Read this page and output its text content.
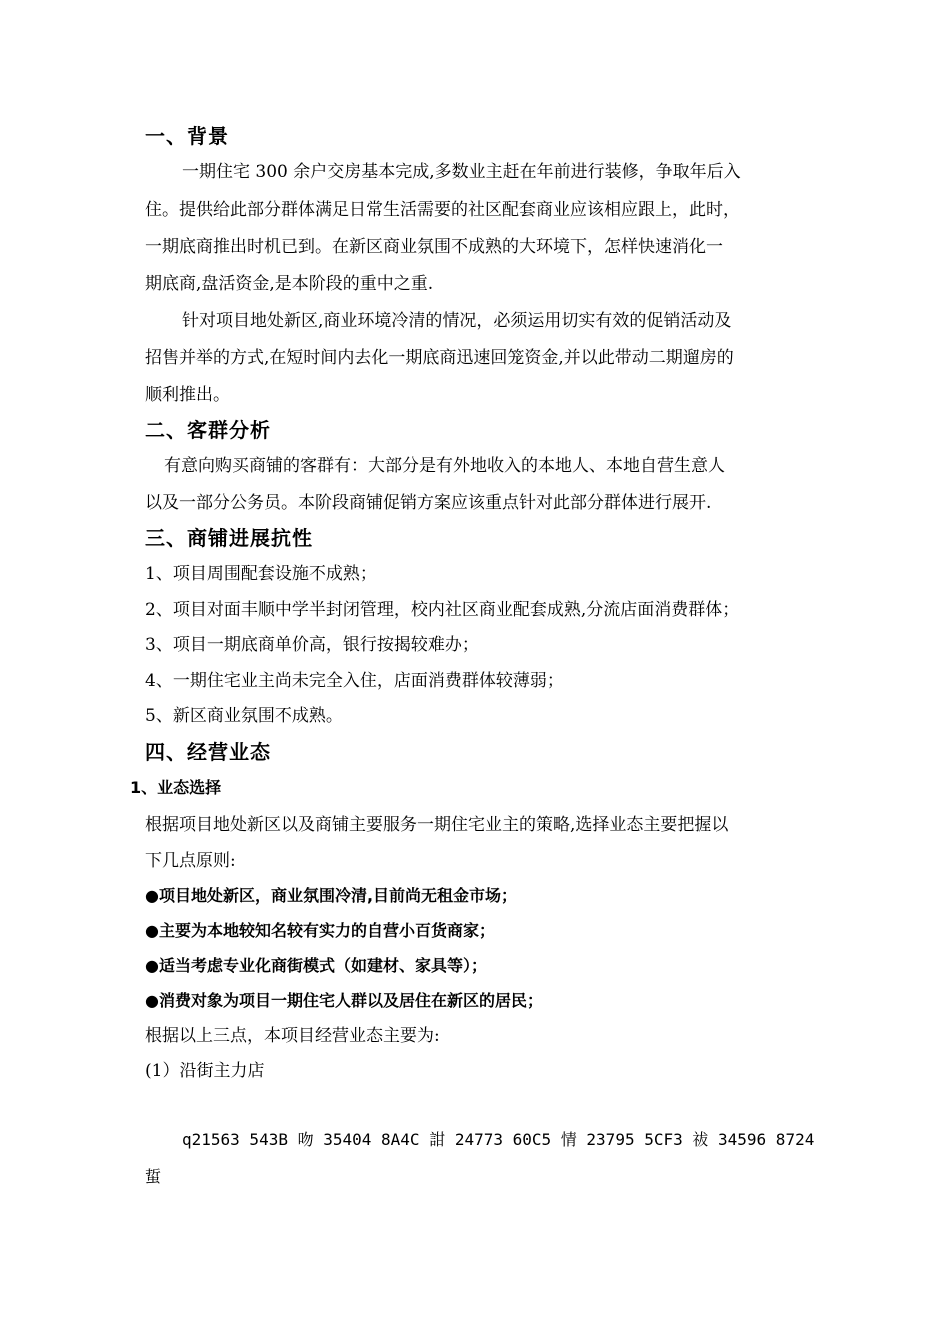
一、背景
一期住宅 300 余户交房基本完成,多数业主赶在年前进行装修，争取年后入
住。提供给此部分群体满足日常生活需要的社区配套商业应该相应跟上，此时，
一期底商推出时机已到。在新区商业氛围不成熟的大环境下，怎样快速消化一
期底商,盘活资金,是本阶段的重中之重.
针对项目地处新区,商业环境冷清的情况，必须运用切实有效的促销活动及
招售并举的方式,在短时间内去化一期底商迅速回笼资金,并以此带动二期遛房的
顺利推出。
二、客群分析
有意向购买商铺的客群有：大部分是有外地收入的本地人、本地自营生意人
以及一部分公务员。本阶段商铺促销方案应该重点针对此部分群体进行展开.
三、商铺进展抗性
1、项目周围配套设施不成熟；
2、项目对面丰顺中学半封闭管理，校内社区商业配套成熟,分流店面消费群体；
3、项目一期底商单价高，银行按揭较难办；
4、一期住宅业主尚未完全入住，店面消费群体较薄弱；
5、新区商业氛围不成熟。
四、经营业态
1、业态选择
根据项目地处新区以及商铺主要服务一期住宅业主的策略,选择业态主要把握以
下几点原则:
●项目地处新区，商业氛围冷清,目前尚无租金市场；
●主要为本地较知名较有实力的自营小百货商家；
●适当考虑专业化商街模式（如建材、家具等）；
●消费对象为项目一期住宅人群以及居住在新区的居民；
根据以上三点，本项目经营业态主要为:
(1）沿街主力店
q21563 543B 吻 35404 8A4C 詌 24773 60C5 情 23795 5CF3 祓 34596 8724
蜇
